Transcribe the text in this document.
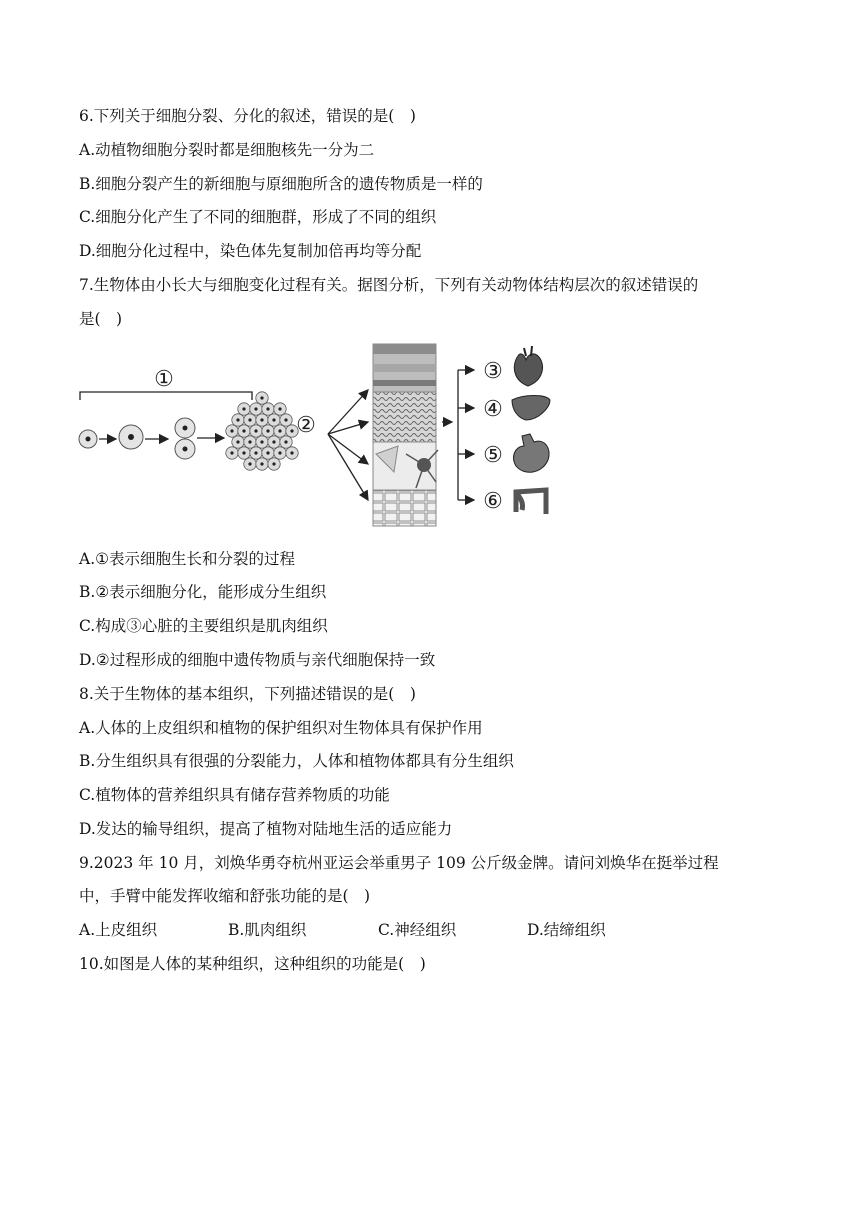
6.下列关于细胞分裂、分化的叙述，错误的是(　)
A.动植物细胞分裂时都是细胞核先一分为二
B.细胞分裂产生的新细胞与原细胞所含的遗传物质是一样的
C.细胞分化产生了不同的细胞群，形成了不同的组织
D.细胞分化过程中，染色体先复制加倍再均等分配
7.生物体由小长大与细胞变化过程有关。据图分析，下列有关动物体结构层次的叙述错误的
是(　)
①
②
③
④
⑤
⑥
A.①表示细胞生长和分裂的过程
B.②表示细胞分化，能形成分生组织
C.构成③心脏的主要组织是肌肉组织
D.②过程形成的细胞中遗传物质与亲代细胞保持一致
8.关于生物体的基本组织，下列描述错误的是(　)
A.人体的上皮组织和植物的保护组织对生物体具有保护作用
B.分生组织具有很强的分裂能力，人体和植物体都具有分生组织
C.植物体的营养组织具有储存营养物质的功能
D.发达的输导组织，提高了植物对陆地生活的适应能力
9.2023 年 10 月，刘焕华勇夺杭州亚运会举重男子 109 公斤级金牌。请问刘焕华在挺举过程
中，手臂中能发挥收缩和舒张功能的是(　)
A.上皮组织	B.肌肉组织	C.神经组织	D.结缔组织
10.如图是人体的某种组织，这种组织的功能是(　)
